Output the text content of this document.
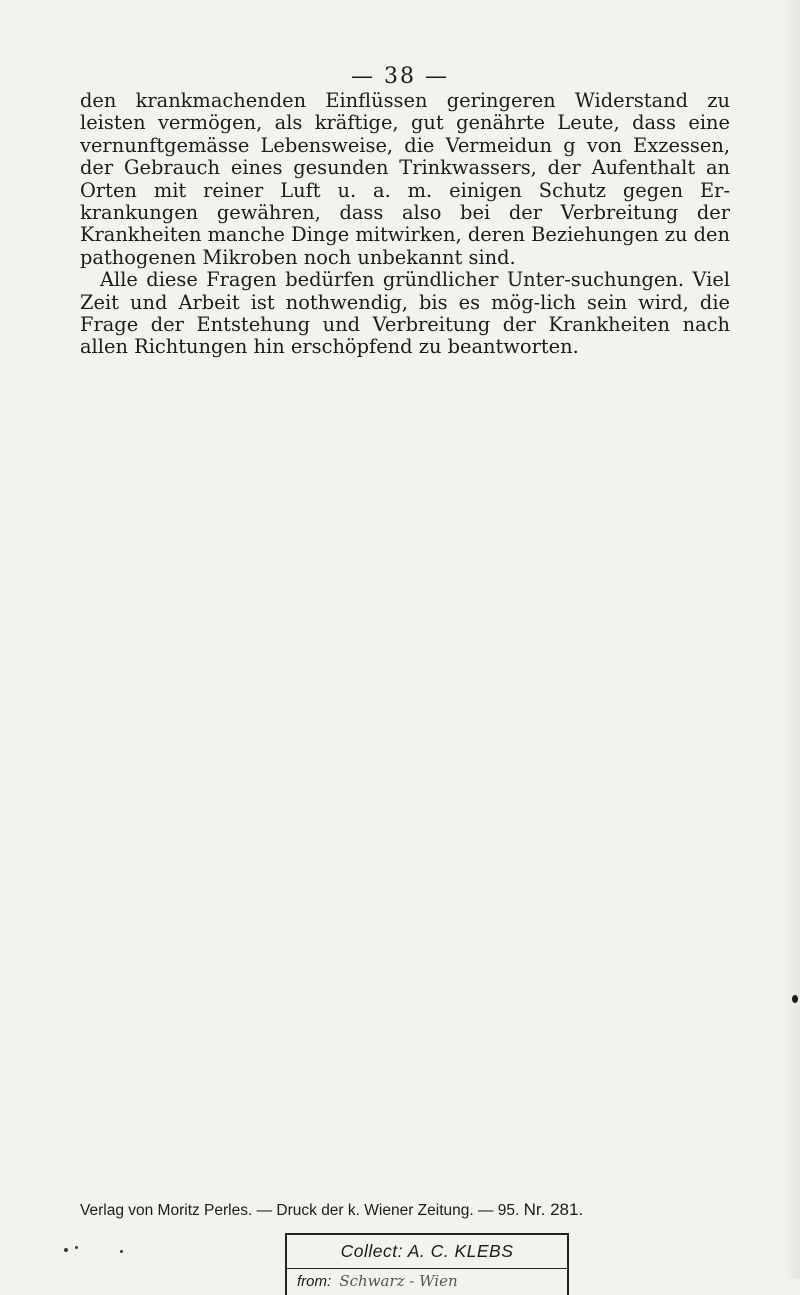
— 38 —

den krankmachenden Einflüssen geringeren Widerstand zu leisten vermögen, als kräftige, gut genährte Leute, dass eine vernunftgemässe Lebensweise, die Vermeidun g von Exzessen, der Gebrauch eines gesunden Trinkwassers, der Aufenthalt an Orten mit reiner Luft u. a. m. einigen Schutz gegen Er-krankungen gewähren, dass also bei der Verbreitung der Krankheiten manche Dinge mitwirken, deren Beziehungen zu den pathogenen Mikroben noch unbekannt sind.

Alle diese Fragen bedürfen gründlicher Unter-suchungen. Viel Zeit und Arbeit ist nothwendig, bis es mög-lich sein wird, die Frage der Entstehung und Verbreitung der Krankheiten nach allen Richtungen hin erschöpfend zu beantworten.

Verlag von Moritz Perles. — Druck der k. Wiener Zeitung. — 95. Nr. 281.
Collect: A. C. KLEBS
from: Schwarz - Wien
